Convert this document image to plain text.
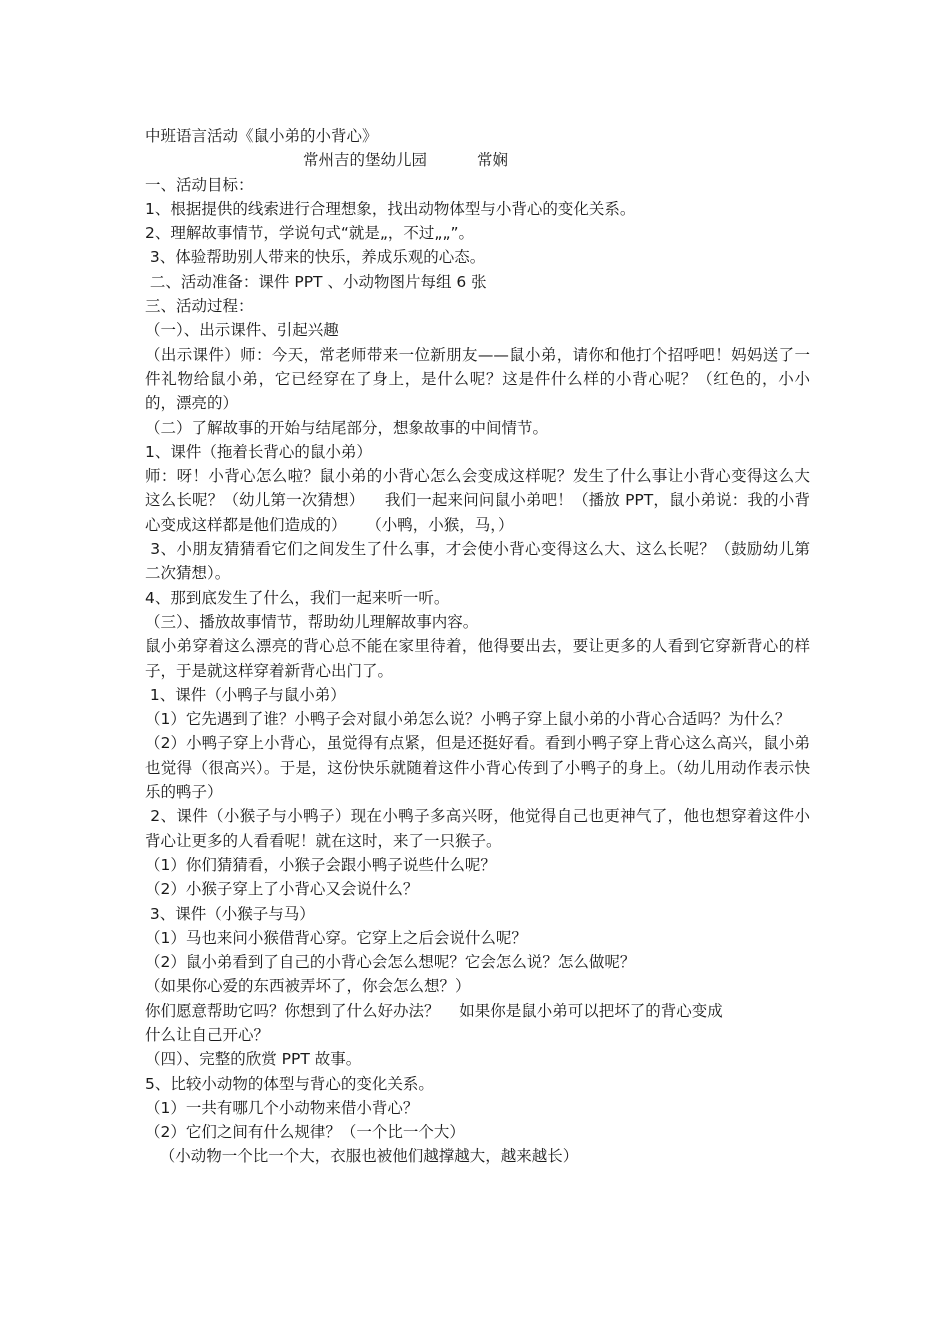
中班语言活动《鼠小弟的小背心》
常州吉的堡幼儿园	常娴
一、活动目标：
1、根据提供的线索进行合理想象，找出动物体型与小背心的变化关系。
2、理解故事情节，学说句式“就是„，不过„„”。
3、体验帮助别人带来的快乐，养成乐观的心态。
二、活动准备：课件 PPT 、小动物图片每组 6 张
三、活动过程：
（一）、出示课件、引起兴趣
（出示课件）师：今天，常老师带来一位新朋友——鼠小弟，请你和他打个招呼吧！妈妈送了一件礼物给鼠小弟，它已经穿在了身上，是什么呢？这是件什么样的小背心呢？（红色的，小小的，漂亮的）
（二）了解故事的开始与结尾部分，想象故事的中间情节。
1、课件（拖着长背心的鼠小弟）
师：呀！小背心怎么啦？鼠小弟的小背心怎么会变成这样呢？发生了什么事让小背心变得这么大这么长呢？（幼儿第一次猜想）    我们一起来问问鼠小弟吧！（播放 PPT，鼠小弟说：我的小背心变成这样都是他们造成的）    （小鸭，小猴，马，）
3、小朋友猜猜看它们之间发生了什么事，才会使小背心变得这么大、这么长呢？（鼓励幼儿第二次猜想）。
4、那到底发生了什么，我们一起来听一听。
（三）、播放故事情节，帮助幼儿理解故事内容。
鼠小弟穿着这么漂亮的背心总不能在家里待着，他得要出去，要让更多的人看到它穿新背心的样子，于是就这样穿着新背心出门了。
1、课件（小鸭子与鼠小弟）
（1）它先遇到了谁？小鸭子会对鼠小弟怎么说？小鸭子穿上鼠小弟的小背心合适吗？为什么？
（2）小鸭子穿上小背心，虽觉得有点紧，但是还挺好看。看到小鸭子穿上背心这么高兴，鼠小弟也觉得（很高兴）。于是，这份快乐就随着这件小背心传到了小鸭子的身上。（幼儿用动作表示快乐的鸭子）
2、课件（小猴子与小鸭子）现在小鸭子多高兴呀，他觉得自己也更神气了，他也想穿着这件小背心让更多的人看看呢！就在这时，来了一只猴子。
（1）你们猜猜看，小猴子会跟小鸭子说些什么呢？
（2）小猴子穿上了小背心又会说什么？
3、课件（小猴子与马）
（1）马也来问小猴借背心穿。它穿上之后会说什么呢？
（2）鼠小弟看到了自己的小背心会怎么想呢？它会怎么说？怎么做呢？
（如果你心爱的东西被弄坏了，你会怎么想？）
你们愿意帮助它吗？你想到了什么好办法？    如果你是鼠小弟可以把坏了的背心变成
什么让自己开心？
（四）、完整的欣赏 PPT 故事。
5、比较小动物的体型与背心的变化关系。
（1）一共有哪几个小动物来借小背心？
（2）它们之间有什么规律？（一个比一个大）
（小动物一个比一个大，衣服也被他们越撑越大，越来越长）
